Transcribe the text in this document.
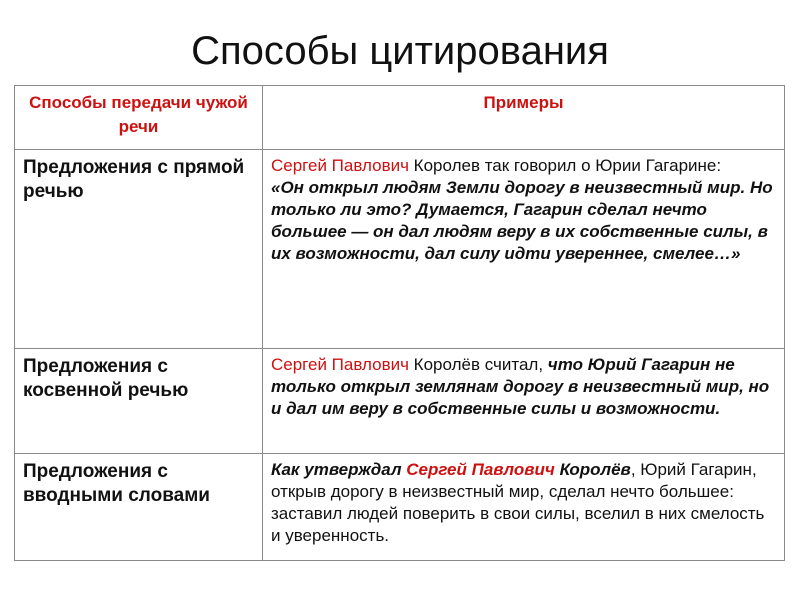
Способы цитирования
Способы передачи чужой речи	Примеры
Предложения с прямой речью	Сергей Павлович Королев так говорил о Юрии Гагарине:
«Он открыл людям Земли дорогу в неизвестный мир. Но только ли это? Думается, Гагарин сделал нечто большее — он дал людям веру в их собственные силы, в их возможности, дал силу идти увереннее, смелее…»

Предложения с косвенной речью	Сергей Павлович Королёв считал, что Юрий Гагарин не только открыл землянам дорогу в неизвестный мир, но и дал им веру в собственные силы и возможности.
Предложения с вводными словами	Как утверждал Сергей Павлович Королёв, Юрий Гагарин, открыв дорогу в неизвестный мир, сделал нечто большее: заставил людей поверить в свои силы, вселил в них смелость и уверенность.
